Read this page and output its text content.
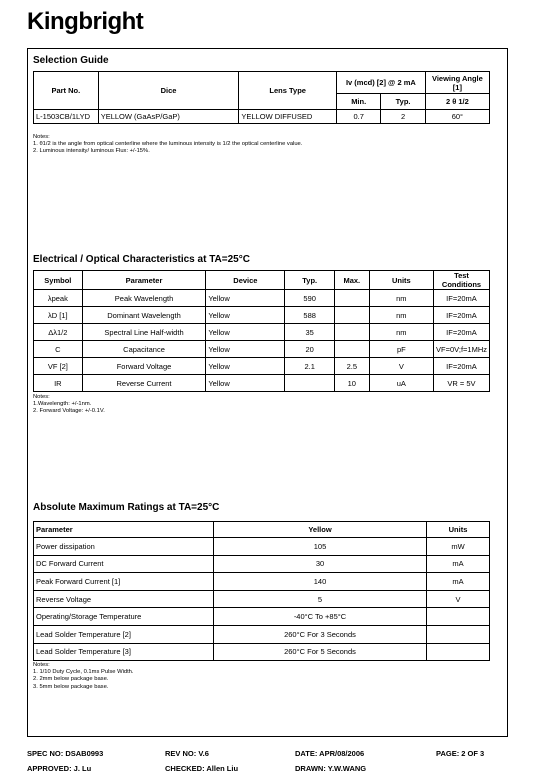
Kingbright
Selection Guide
Part No.	Dice	Lens Type	Iv (mcd) [2] @ 2 mA		Viewing Angle [1]
			Min.	Typ.	2 θ 1/2
L-1503CB/1LYD	YELLOW (GaAsP/GaP)	YELLOW DIFFUSED	0.7	2	60°
Notes:
1. θ1/2 is the angle from optical centerline where the luminous intensity is 1/2 the optical centerline value.
2. Luminous intensity/ luminous Flux: +/-15%.
Electrical / Optical Characteristics at TA=25°C
Symbol	Parameter	Device	Typ.	Max.	Units	Test Conditions
λpeak	Peak Wavelength	Yellow	590		nm	IF=20mA
λD [1]	Dominant Wavelength	Yellow	588		nm	IF=20mA
Δλ1/2	Spectral Line Half-width	Yellow	35		nm	IF=20mA
C	Capacitance	Yellow	20		pF	VF=0V;f=1MHz
VF [2]	Forward Voltage	Yellow	2.1	2.5	V	IF=20mA
IR	Reverse Current	Yellow		10	uA	VR = 5V
Notes:
1.Wavelength: +/-1nm.
2. Forward Voltage: +/-0.1V.
Absolute Maximum Ratings at TA=25°C
Parameter	Yellow	Units
Power dissipation	105	mW
DC Forward Current	30	mA
Peak Forward Current [1]	140	mA
Reverse Voltage	5	V
Operating/Storage Temperature	-40°C To +85°C	
Lead Solder Temperature [2]	260°C For 3 Seconds	
Lead Solder Temperature [3]	260°C For 5 Seconds	
Notes:
1. 1/10 Duty Cycle, 0.1ms Pulse Width.
2. 2mm below package base.
3. 5mm below package base.
SPEC NO: DSAB0993	REV NO: V.6	DATE: APR/08/2006	PAGE: 2 OF 3
APPROVED: J. Lu	CHECKED: Allen Liu	DRAWN: Y.W.WANG
